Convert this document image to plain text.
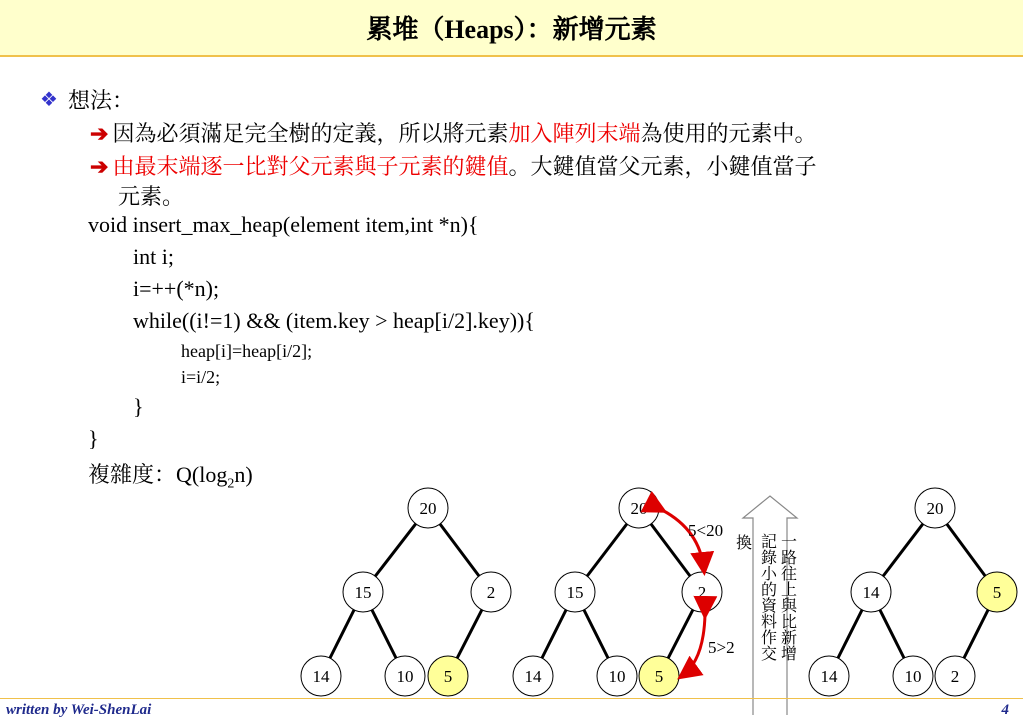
累堆（Heaps）：新增元素
❖ 想法：
➔ 因為必須滿足完全樹的定義，所以將元素加入陣列末端為使用的元素中。
➔ 由最末端逐一比對父元素與子元素的鍵值。大鍵值當父元素，小鍵值當子
元素。
void insert_max_heap(element item,int *n){
int i;
i=++(*n);
while((i!=1) && (item.key > heap[i/2].key)){
heap[i]=heap[i/2];
i=i/2;
}
}
複雜度：$Q(\log_2n)$
20
15	2
14	10 5
20
15	2
14	10 5
5<20
5>2
換 記錄小的資料作交 一路往上與比新增
20
14	5
14	10 2
written by Wei-ShenLai	4
